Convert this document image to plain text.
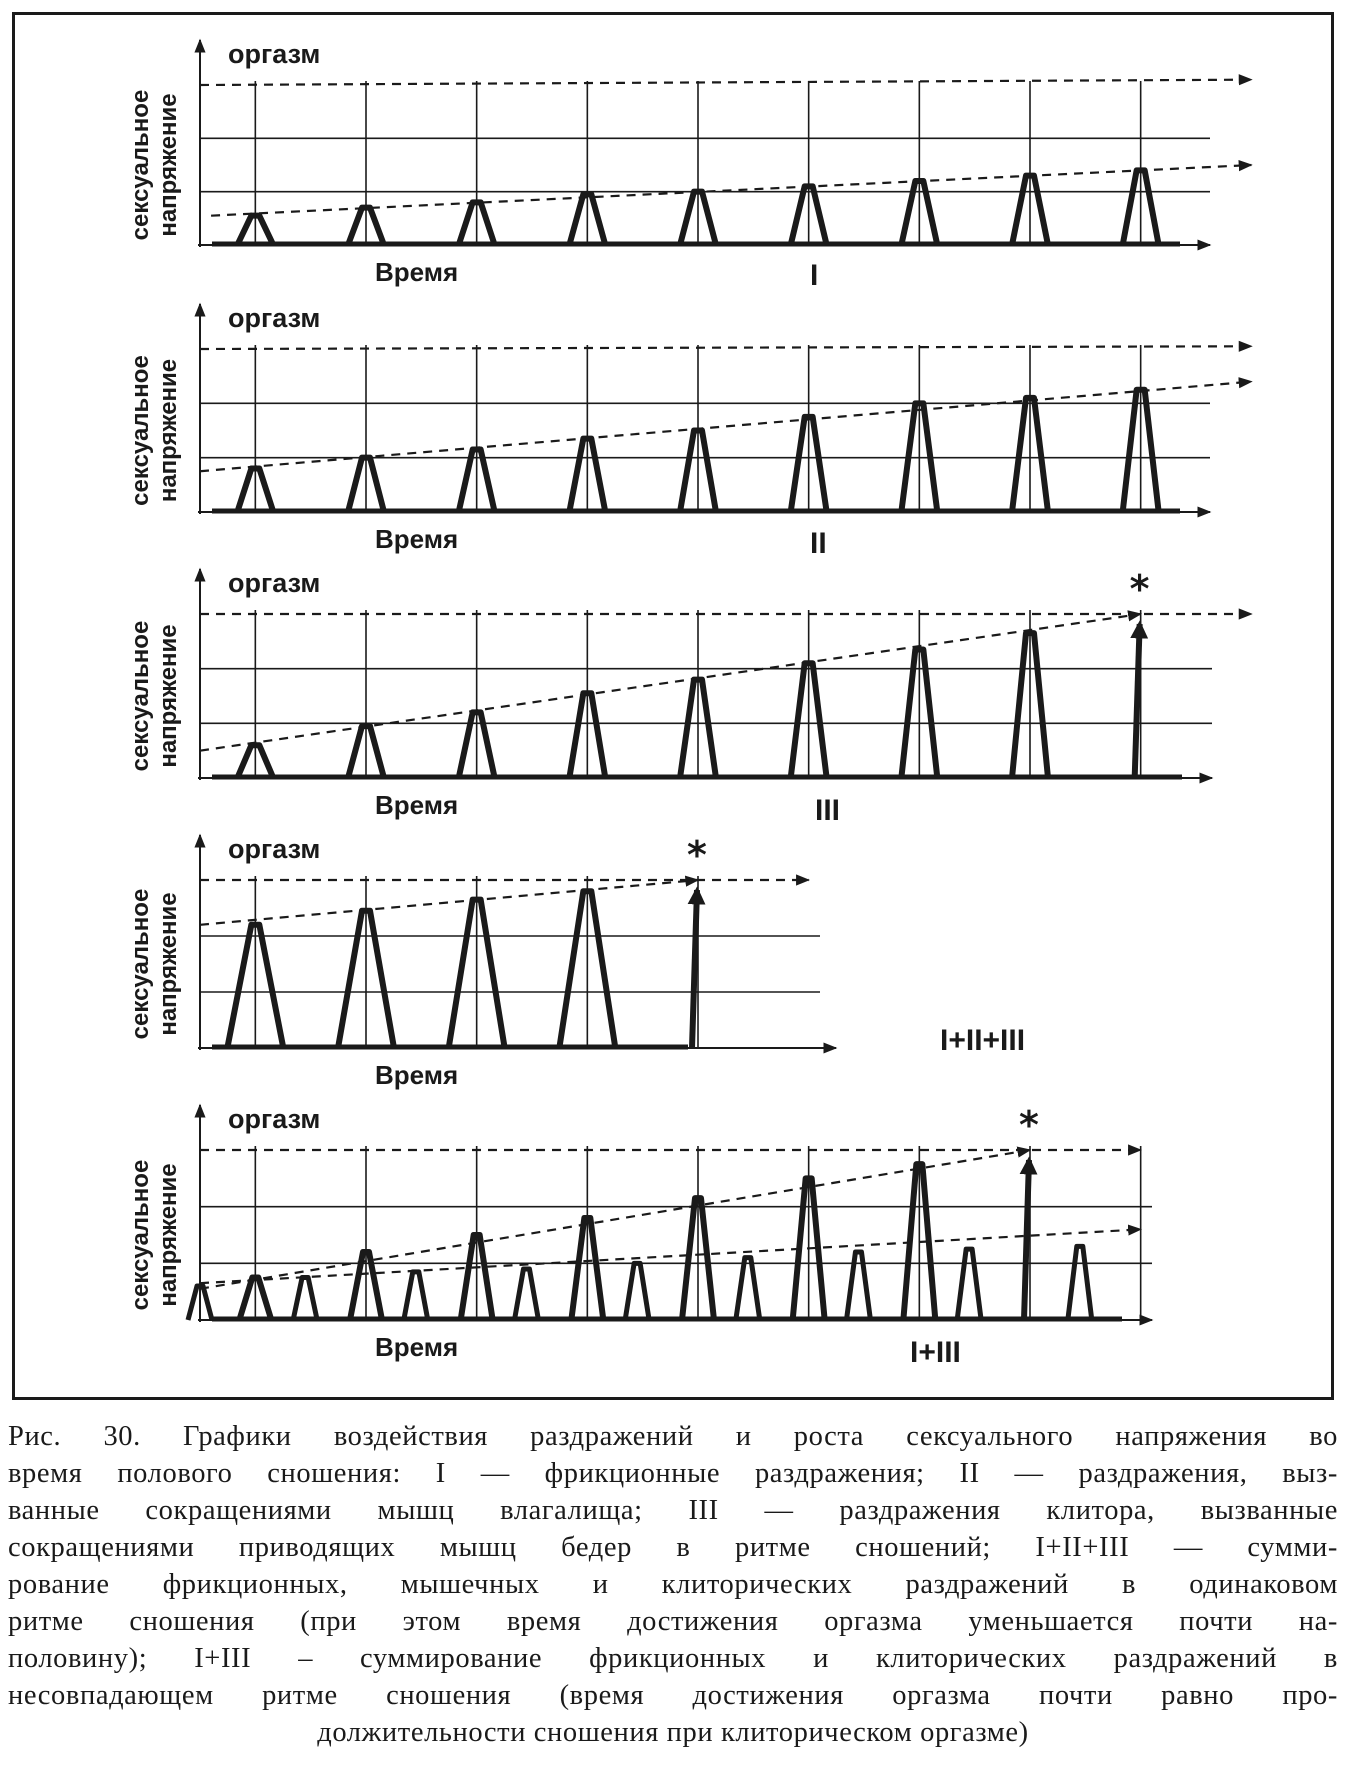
оргазм
Время
сексуальное напряжение
I
оргазм
Время
сексуальное напряжение
II
оргазм
Время
сексуальное напряжение
III
*
оргазм
Время
сексуальное напряжение
I+II+III
*
оргазм
Время
сексуальное напряжение
I+III
*

Рис. 30. Графики воздействия раздражений и роста сексуального напряжения во
время полового сношения: I — фрикционные раздражения; II — раздражения, выз-
ванные сокращениями мышц влагалища; III — раздражения клитора, вызванные
сокращениями приводящих мышц бедер в ритме сношений; I+II+III — сумми-
рование фрикционных, мышечных и клиторических раздражений в одинаковом
ритме сношения (при этом время достижения оргазма уменьшается почти на-
половину); I+III – суммирование фрикционных и клиторических раздражений в
несовпадающем ритме сношения (время достижения оргазма почти равно про-
должительности сношения при клиторическом оргазме)
